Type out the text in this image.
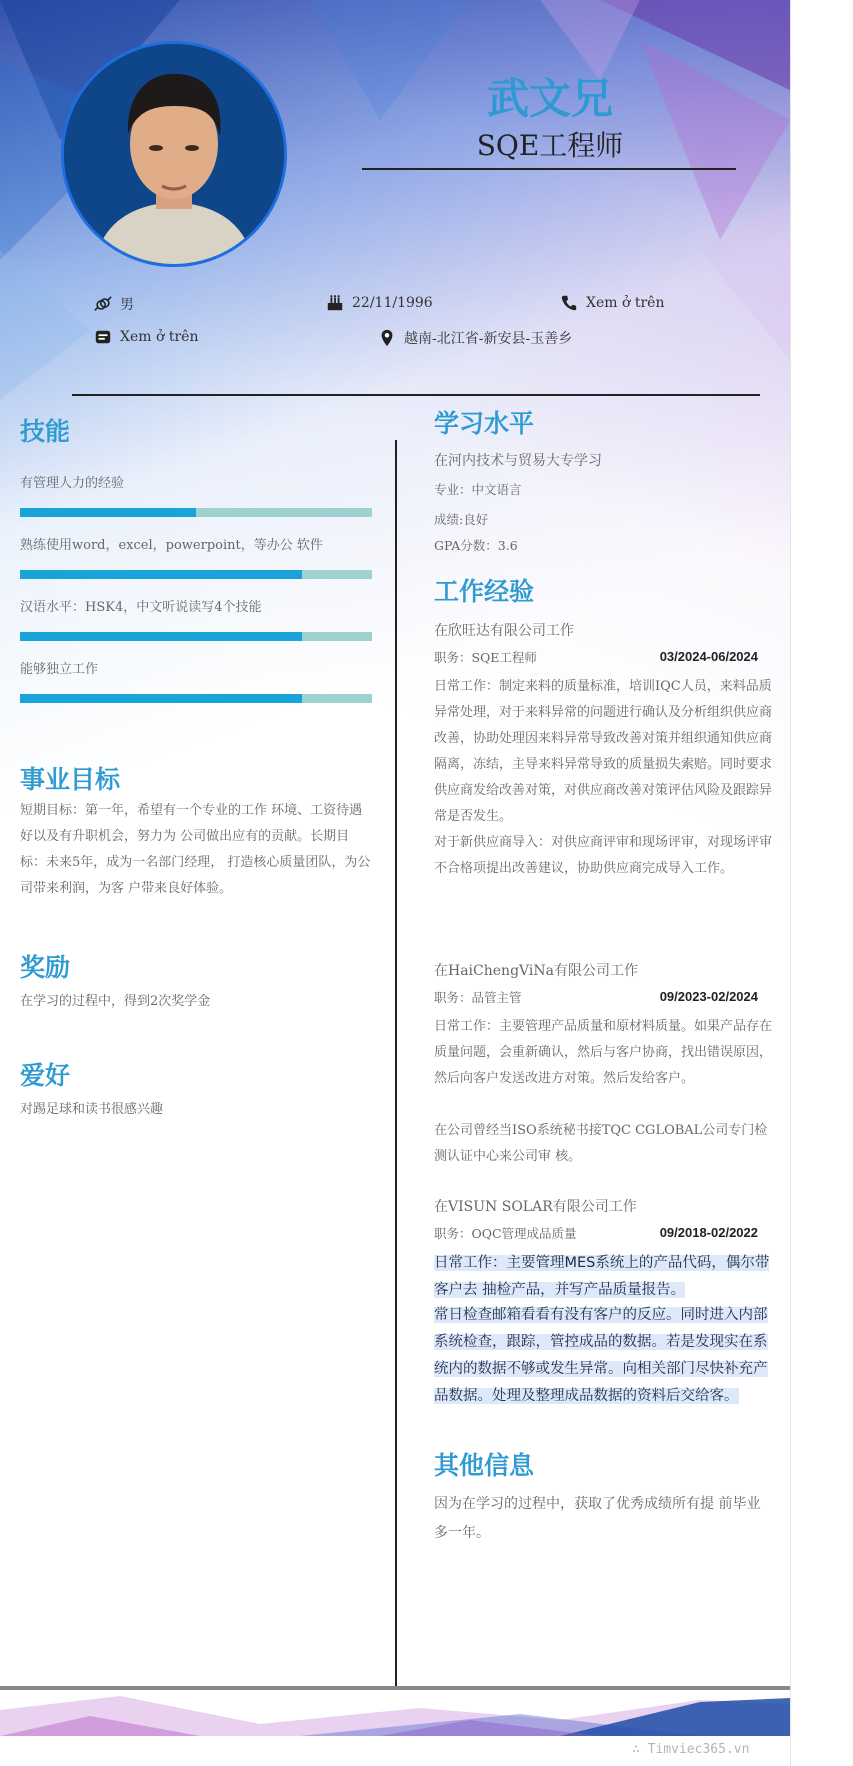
武文兄
SQE工程师
男	22/11/1996	Xem ở trên
Xem ở trên	越南-北江省-新安县-玉善乡
技能
有管理人力的经验
熟练使用word，excel，powerpoint，等办公 软件
汉语水平：HSK4，中文听说读写4个技能
能够独立工作
事业目标
短期目标：第一年，希望有一个专业的工作 环境、工资待遇好以及有升职机会，努力为 公司做出应有的贡献。长期目标：未来5年，成为一名部门经理， 打造核心质量团队，为公司带来利润，为客 户带来良好体验。
奖励
在学习的过程中，得到2次奖学金
爱好
对踢足球和读书很感兴趣
学习水平
在河内技术与贸易大专学习
专业：中文语言
成绩:良好
GPA分数：3.6
工作经验
在欣旺达有限公司工作
职务：SQE工程师	03/2024-06/2024
日常工作：制定来料的质量标准，培训IQC人员，来料品质异常处理，对于来料异常的问题进行确认及分析组织供应商改善，协助处理因来料异常导致改善对策并组织通知供应商隔离，冻结，主导来料异常导致的质量损失索赔。同时要求供应商发给改善对策，对供应商改善对策评估风险及跟踪异常是否发生。
对于新供应商导入：对供应商评审和现场评审，对现场评审不合格项提出改善建议，协助供应商完成导入工作。
在HaiChengViNa有限公司工作
职务：品管主管	09/2023-02/2024
日常工作：主要管理产品质量和原材料质量。如果产品存在 质量问题，会重新确认，然后与客户协商，找出错误原因，然后向客户发送改进方对策。然后发给客户。
在公司曾经当ISO系统秘书接TQC CGLOBAL公司专门检测认证中心来公司审 核。
在VISUN SOLAR有限公司工作
职务：OQC管理成品质量	09/2018-02/2022
日常工作：主要管理MES系统上的产品代码，偶尔带客户去 抽检产品，并写产品质量报告。
常日检查邮箱看看有没有客户的反应。同时进入内部系统检查，跟踪，管控成品的数据。若是发现实在系统内的数据不够或发生异常。向相关部门尽快补充产品数据。处理及整理成品数据的资料后交给客。
其他信息
因为在学习的过程中，获取了优秀成绩所有提 前毕业多一年。
∴ Timviec365.vn
